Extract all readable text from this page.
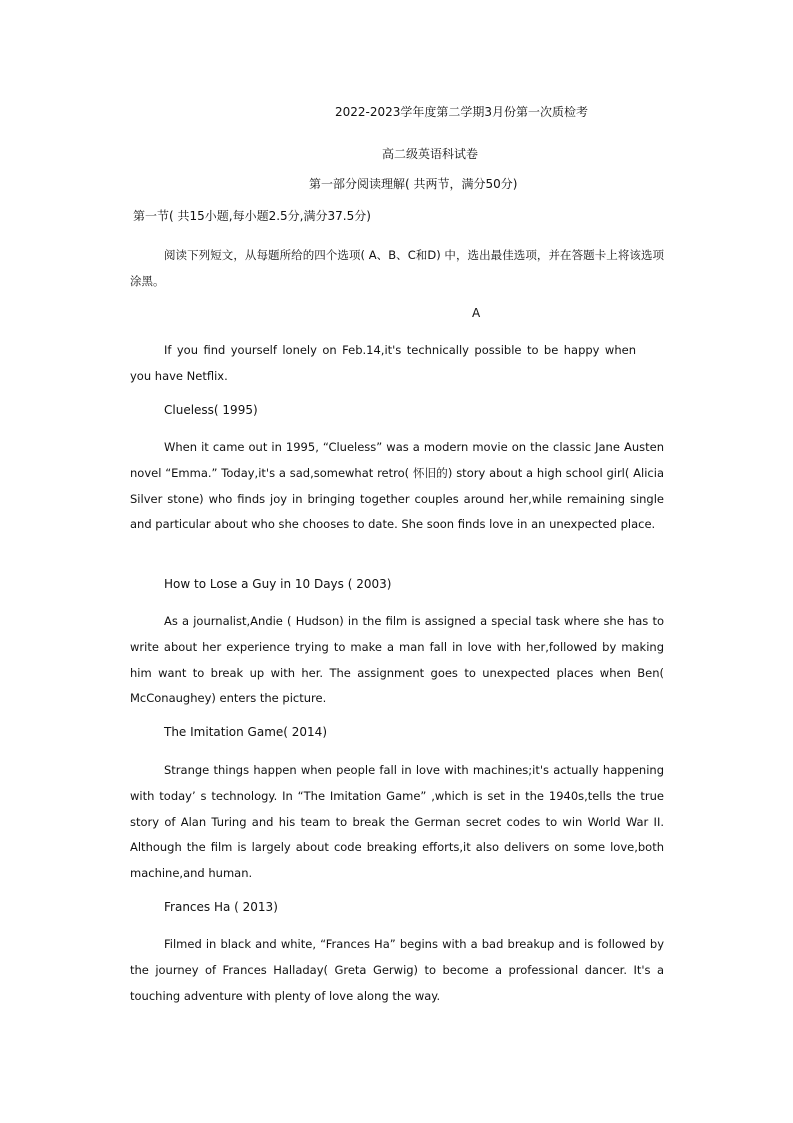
2022-2023学年度第二学期3月份第一次质检考
高二级英语科试卷
第一部分阅读理解( 共两节，满分50分)
第一节( 共15小题,每小题2.5分,满分37.5分)
阅读下列短文，从每题所给的四个选项( A、B、C和D) 中，选出最佳选项，并在答题卡上将该选项涂黑。
A
If you find yourself lonely on Feb.14,it's technically possible to be happy when you have Netflix.
Clueless( 1995)
When it came out in 1995, “Clueless” was a modern movie on the classic Jane Austen novel “Emma.” Today,it's a sad,somewhat retro( 怀旧的) story about a high school girl( Alicia Silver stone) who finds joy in bringing together couples around her,while remaining single and particular about who she chooses to date. She soon finds love in an unexpected place.
How to Lose a Guy in 10 Days ( 2003)
As a journalist,Andie ( Hudson) in the film is assigned a special task where she has to write about her experience trying to make a man fall in love with her,followed by making him want to break up with her. The assignment goes to unexpected places when Ben( McConaughey) enters the picture.
The Imitation Game( 2014)
Strange things happen when people fall in love with machines;it's actually happening with today’ s technology. In “The Imitation Game” ,which is set in the 1940s,tells the true story of Alan Turing and his team to break the German secret codes to win World War II. Although the film is largely about code breaking efforts,it also delivers on some love,both machine,and human.
Frances Ha ( 2013)
Filmed in black and white, “Frances Ha” begins with a bad breakup and is followed by the journey of Frances Halladay( Greta Gerwig) to become a professional dancer. It's a touching adventure with plenty of love along the way.
